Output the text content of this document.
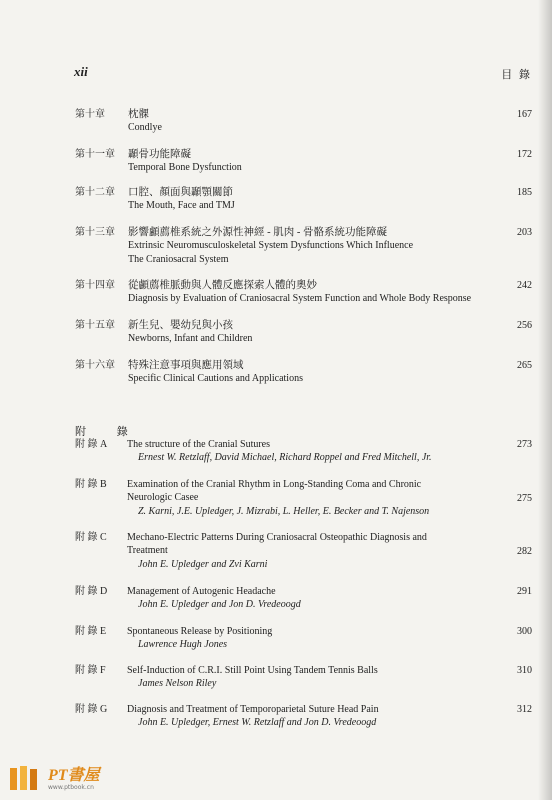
xii	目 錄
第十章 枕髁
Condlye
167
第十一章 顳骨功能障礙
Temporal Bone Dysfunction
172
第十二章 口腔、顏面與顳顎關節
The Mouth, Face and TMJ
185
第十三章 影響顱薦椎系統之外源性神經 - 肌肉 - 骨骼系統功能障礙
Extrinsic Neuromusculoskeletal System Dysfunctions Which Influence
The Craniosacral System
203
第十四章 從顱薦椎脈動與人體反應探索人體的奧妙
Diagnosis by Evaluation of Craniosacral System Function and Whole Body Response
242
第十五章 新生兒、嬰幼兒與小孩
Newborns, Infant and Children
256
第十六章 特殊注意事項與應用領域
Specific Clinical Cautions and Applications
265
附 錄
附 錄 A The structure of the Cranial Sutures
Ernest W. Retzlaff, David Michael, Richard Roppel and Fred Mitchell, Jr.
273
附 錄 B Examination of the Cranial Rhythm in Long-Standing Coma and Chronic
Neurologic Casee
Z. Karni, J.E. Upledger, J. Mizrabi, L. Heller, E. Becker and T. Najenson
275
附 錄 C Mechano-Electric Patterns During Craniosacral Osteopathic Diagnosis and
Treatment
John E. Upledger and Zvi Karni
282
附 錄 D Management of Autogenic Headache
John E. Upledger and Jon D. Vredeoogd
291
附 錄 E Spontaneous Release by Positioning
Lawrence Hugh Jones
300
附 錄 F Self-Induction of C.R.I. Still Point Using Tandem Tennis Balls
James Nelson Riley
310
附 錄 G Diagnosis and Treatment of Temporoparietal Suture Head Pain
John E. Upledger, Ernest W. Retzlaff and Jon D. Vredeoogd
312
PT書屋
www.ptbook.cn
